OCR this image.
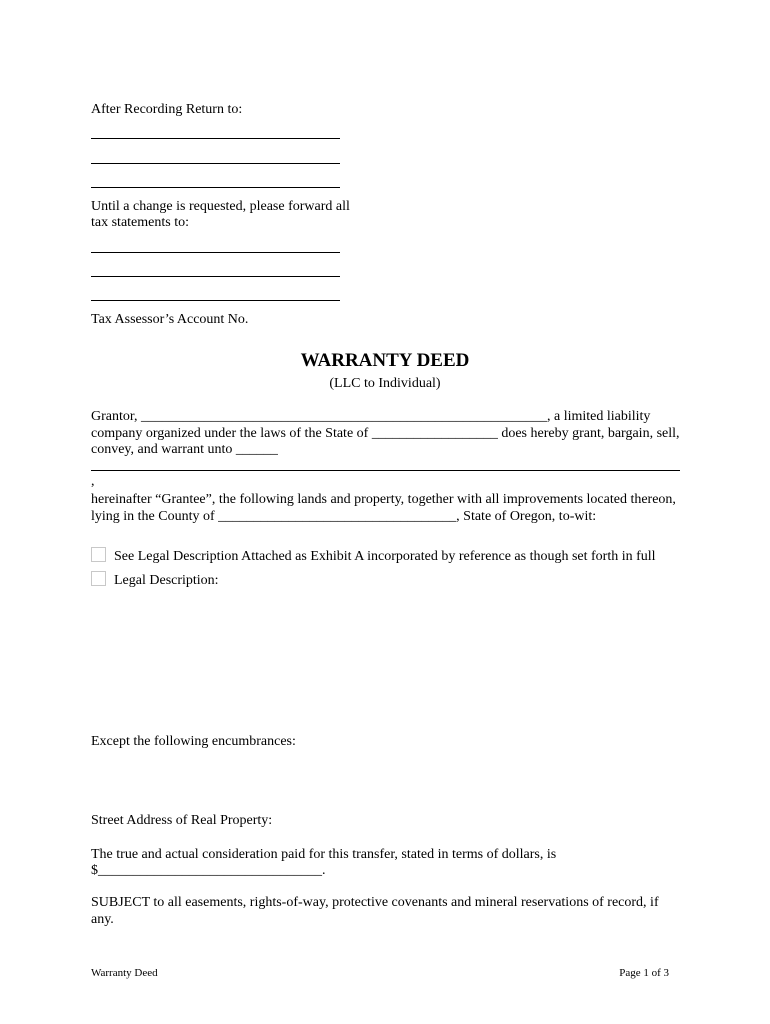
After Recording Return to:
Until a change is requested, please forward all
tax statements to:
Tax Assessor’s Account No.
WARRANTY DEED
(LLC to Individual)
Grantor, __________________________________________________________, a limited liability
company organized under the laws of the State of __________________ does hereby grant, bargain, sell,
convey, and warrant unto ______
,
hereinafter “Grantee”, the following lands and property, together with all improvements located thereon,
lying in the County of __________________________________, State of Oregon, to-wit:
See Legal Description Attached as Exhibit A incorporated by reference as though set forth in full
Legal Description:
Except the following encumbrances:
Street Address of Real Property:
The true and actual consideration paid for this transfer, stated in terms of dollars, is
$________________________________.
SUBJECT to all easements, rights-of-way, protective covenants and mineral reservations of record, if
any.
Warranty Deed	Page 1 of 3
